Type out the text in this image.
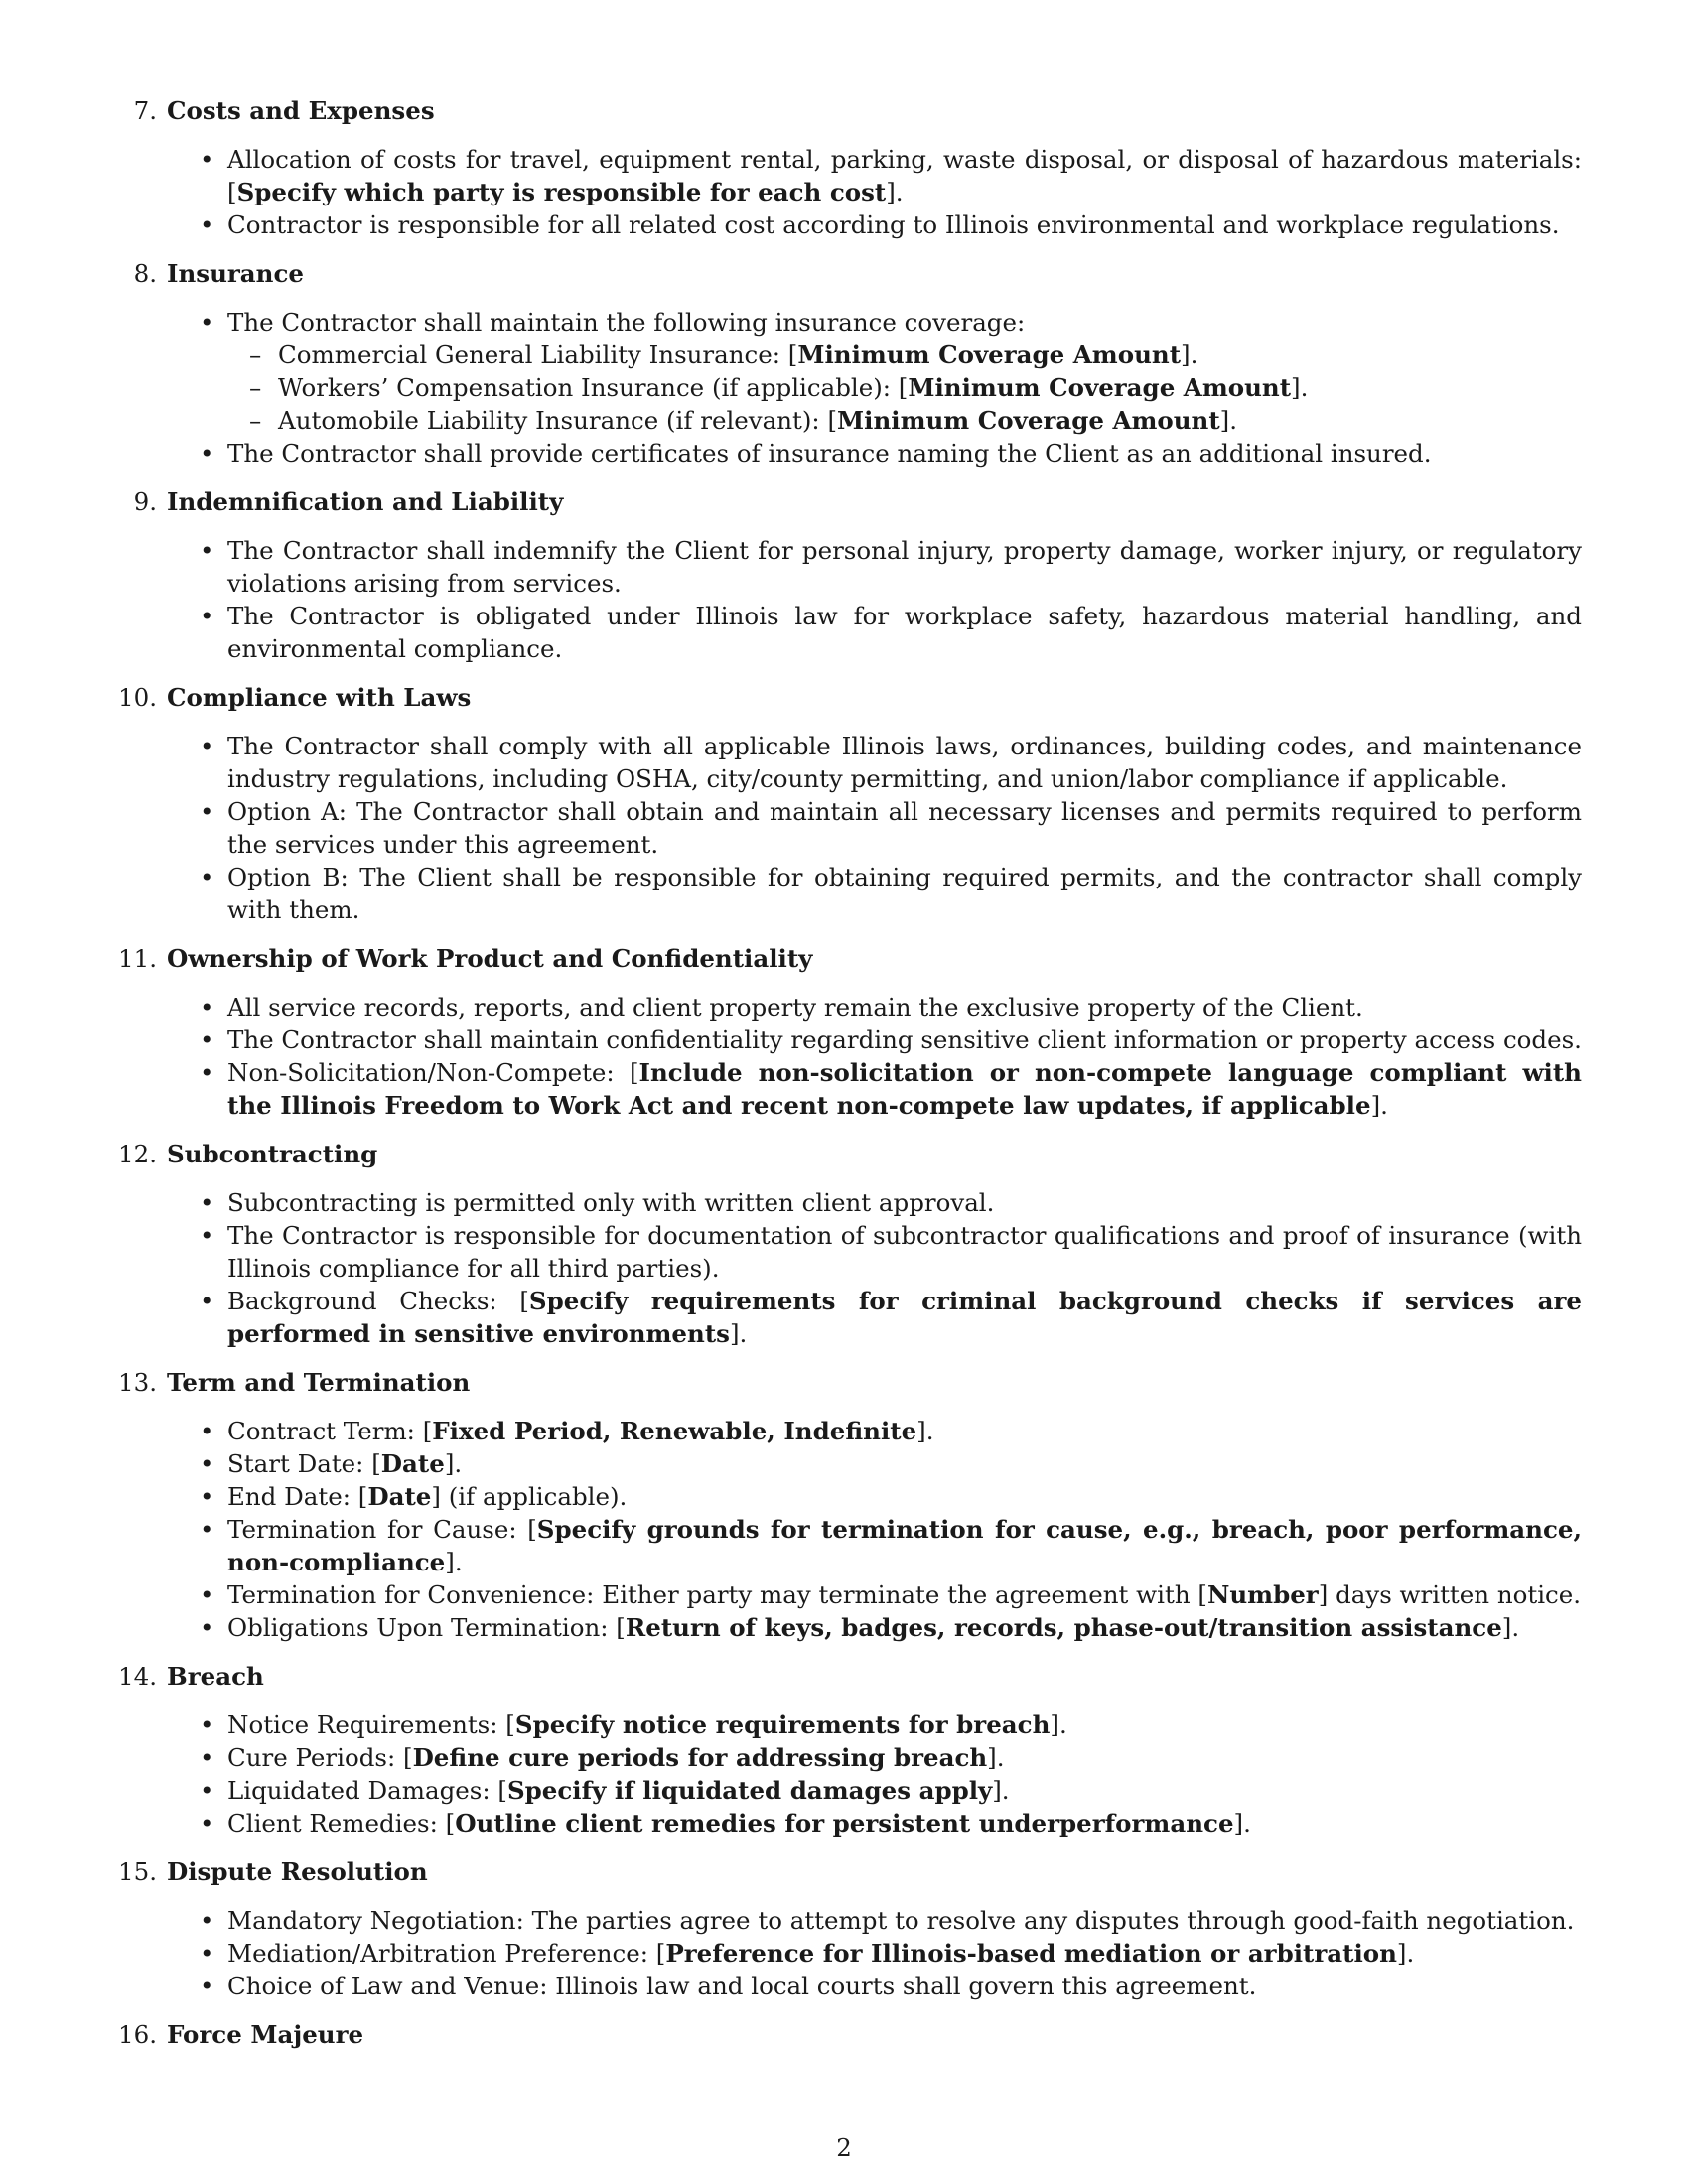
7. Costs and Expenses
• Allocation of costs for travel, equipment rental, parking, waste disposal, or disposal of hazardous materials: [Specify which party is responsible for each cost].
• Contractor is responsible for all related cost according to Illinois environmental and workplace regulations.
8. Insurance
• The Contractor shall maintain the following insurance coverage:
– Commercial General Liability Insurance: [Minimum Coverage Amount].
– Workers’ Compensation Insurance (if applicable): [Minimum Coverage Amount].
– Automobile Liability Insurance (if relevant): [Minimum Coverage Amount].
• The Contractor shall provide certificates of insurance naming the Client as an additional insured.
9. Indemnification and Liability
• The Contractor shall indemnify the Client for personal injury, property damage, worker injury, or regulatory violations arising from services.
• The Contractor is obligated under Illinois law for workplace safety, hazardous material handling, and environmental compliance.
10. Compliance with Laws
• The Contractor shall comply with all applicable Illinois laws, ordinances, building codes, and maintenance industry regulations, including OSHA, city/county permitting, and union/labor compliance if applicable.
• Option A: The Contractor shall obtain and maintain all necessary licenses and permits required to perform the services under this agreement.
• Option B: The Client shall be responsible for obtaining required permits, and the contractor shall comply with them.
11. Ownership of Work Product and Confidentiality
• All service records, reports, and client property remain the exclusive property of the Client.
• The Contractor shall maintain confidentiality regarding sensitive client information or property access codes.
• Non-Solicitation/Non-Compete: [Include non-solicitation or non-compete language compliant with the Illinois Freedom to Work Act and recent non-compete law updates, if applicable].
12. Subcontracting
• Subcontracting is permitted only with written client approval.
• The Contractor is responsible for documentation of subcontractor qualifications and proof of insurance (with Illinois compliance for all third parties).
• Background Checks: [Specify requirements for criminal background checks if services are performed in sensitive environments].
13. Term and Termination
• Contract Term: [Fixed Period, Renewable, Indefinite].
• Start Date: [Date].
• End Date: [Date] (if applicable).
• Termination for Cause: [Specify grounds for termination for cause, e.g., breach, poor performance, non-compliance].
• Termination for Convenience: Either party may terminate the agreement with [Number] days written notice.
• Obligations Upon Termination: [Return of keys, badges, records, phase-out/transition assistance].
14. Breach
• Notice Requirements: [Specify notice requirements for breach].
• Cure Periods: [Define cure periods for addressing breach].
• Liquidated Damages: [Specify if liquidated damages apply].
• Client Remedies: [Outline client remedies for persistent underperformance].
15. Dispute Resolution
• Mandatory Negotiation: The parties agree to attempt to resolve any disputes through good-faith negotiation.
• Mediation/Arbitration Preference: [Preference for Illinois-based mediation or arbitration].
• Choice of Law and Venue: Illinois law and local courts shall govern this agreement.
16. Force Majeure
2
